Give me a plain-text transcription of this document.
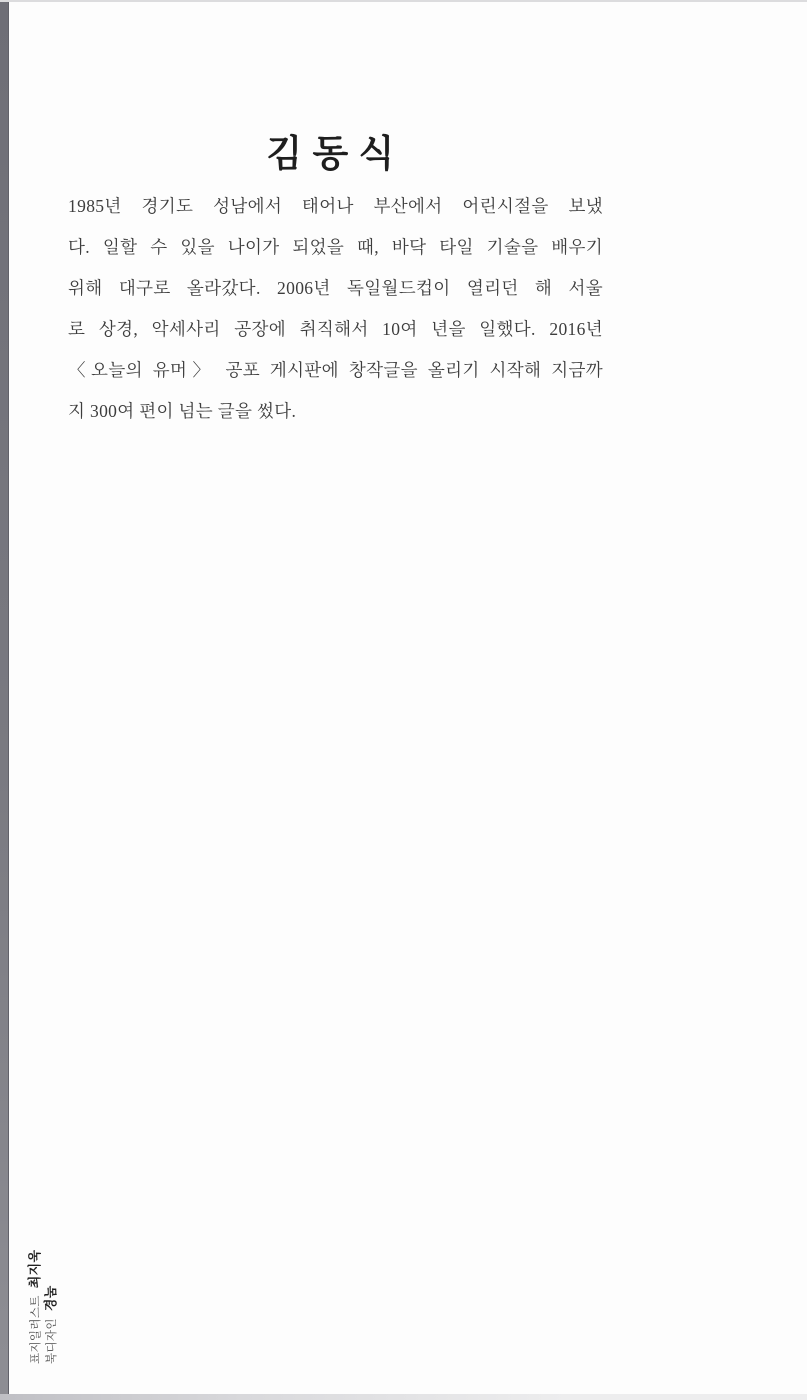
김동식
1985년 경기도 성남에서 태어나 부산에서 어린시절을 보냈
다. 일할 수 있을 나이가 되었을 때, 바닥 타일 기술을 배우기
위해 대구로 올라갔다. 2006년 독일월드컵이 열리던 해 서울
로 상경, 악세사리 공장에 취직해서 10여 년을 일했다. 2016년
〈오늘의 유머〉 공포 게시판에 창작글을 올리기 시작해 지금까
지 300여 편이 넘는 글을 썼다.
표지일러스트최지욱
북디자인경눔
